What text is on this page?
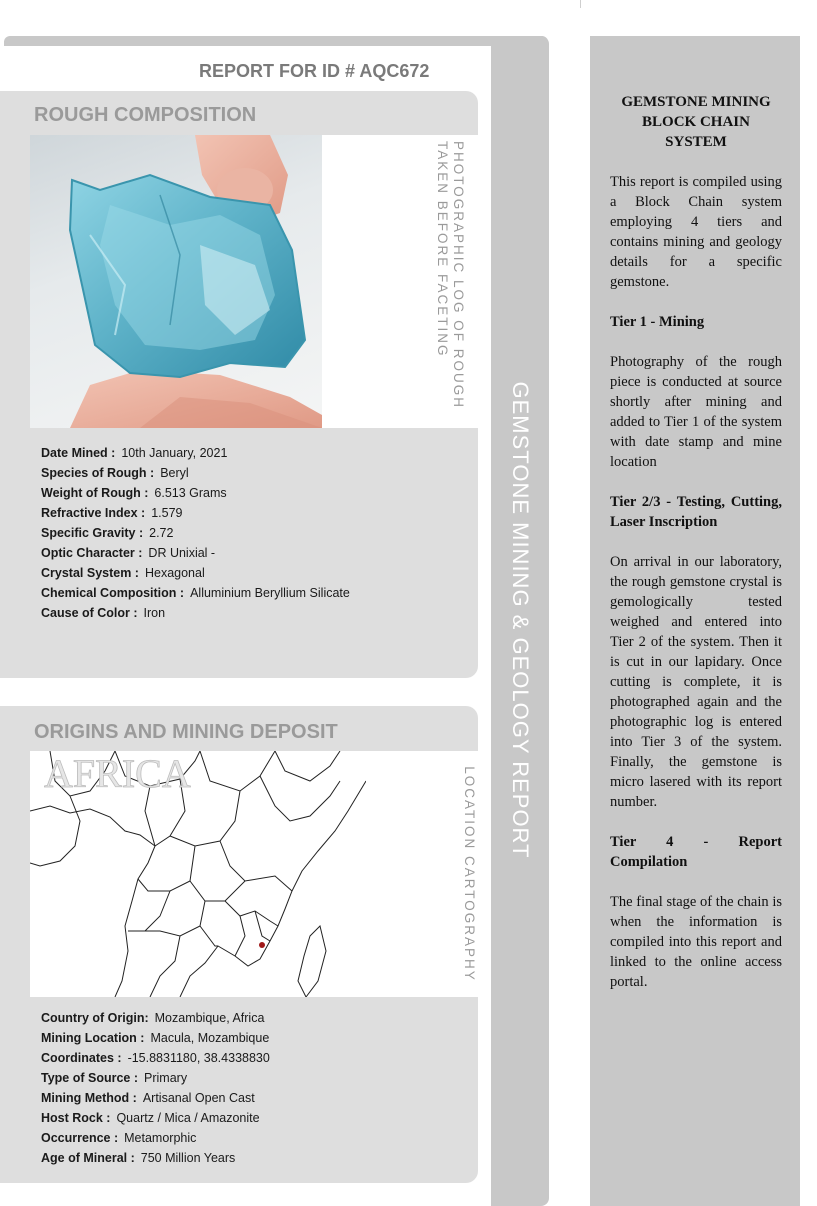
GEMSTONE MINING & GEOLOGY REPORT
REPORT FOR ID # AQC672
ROUGH COMPOSITION
PHOTOGRAPHIC LOG OF ROUGH
TAKEN BEFORE FACETING
Date Mined : 10th January, 2021
Species of Rough : Beryl
Weight of Rough : 6.513 Grams
Refractive Index : 1.579
Specific Gravity : 2.72
Optic Character : DR Unixial -
Crystal System : Hexagonal
Chemical Composition : Alluminium Beryllium Silicate
Cause of Color : Iron
ORIGINS AND MINING DEPOSIT
AFRICA	LOCATION CARTOGRAPHY
Country of Origin: Mozambique, Africa
Mining Location : Macula, Mozambique
Coordinates : -15.8831180, 38.4338830
Type of Source : Primary
Mining Method : Artisanal Open Cast
Host Rock : Quartz / Mica / Amazonite
Occurrence : Metamorphic
Age of Mineral : 750 Million Years
GEMSTONE MINING BLOCK CHAIN SYSTEM

This report is compiled using a Block Chain system employing 4 tiers and contains mining and geology details for a specific gemstone.

Tier 1 - Mining

Photography of the rough piece is conducted at source shortly after mining and added to Tier 1 of the system with date stamp and mine location

Tier 2/3 - Testing, Cutting, Laser Inscription

On arrival in our laboratory, the rough gemstone crystal is gemologically tested weighed and entered into Tier 2 of the system. Then it is cut in our lapidary. Once cutting is complete, it is photographed again and the photographic log is entered into Tier 3 of the system. Finally, the gemstone is micro lasered with its report number.

Tier 4 - Report Compilation

The final stage of the chain is when the information is compiled into this report and linked to the online access portal.
